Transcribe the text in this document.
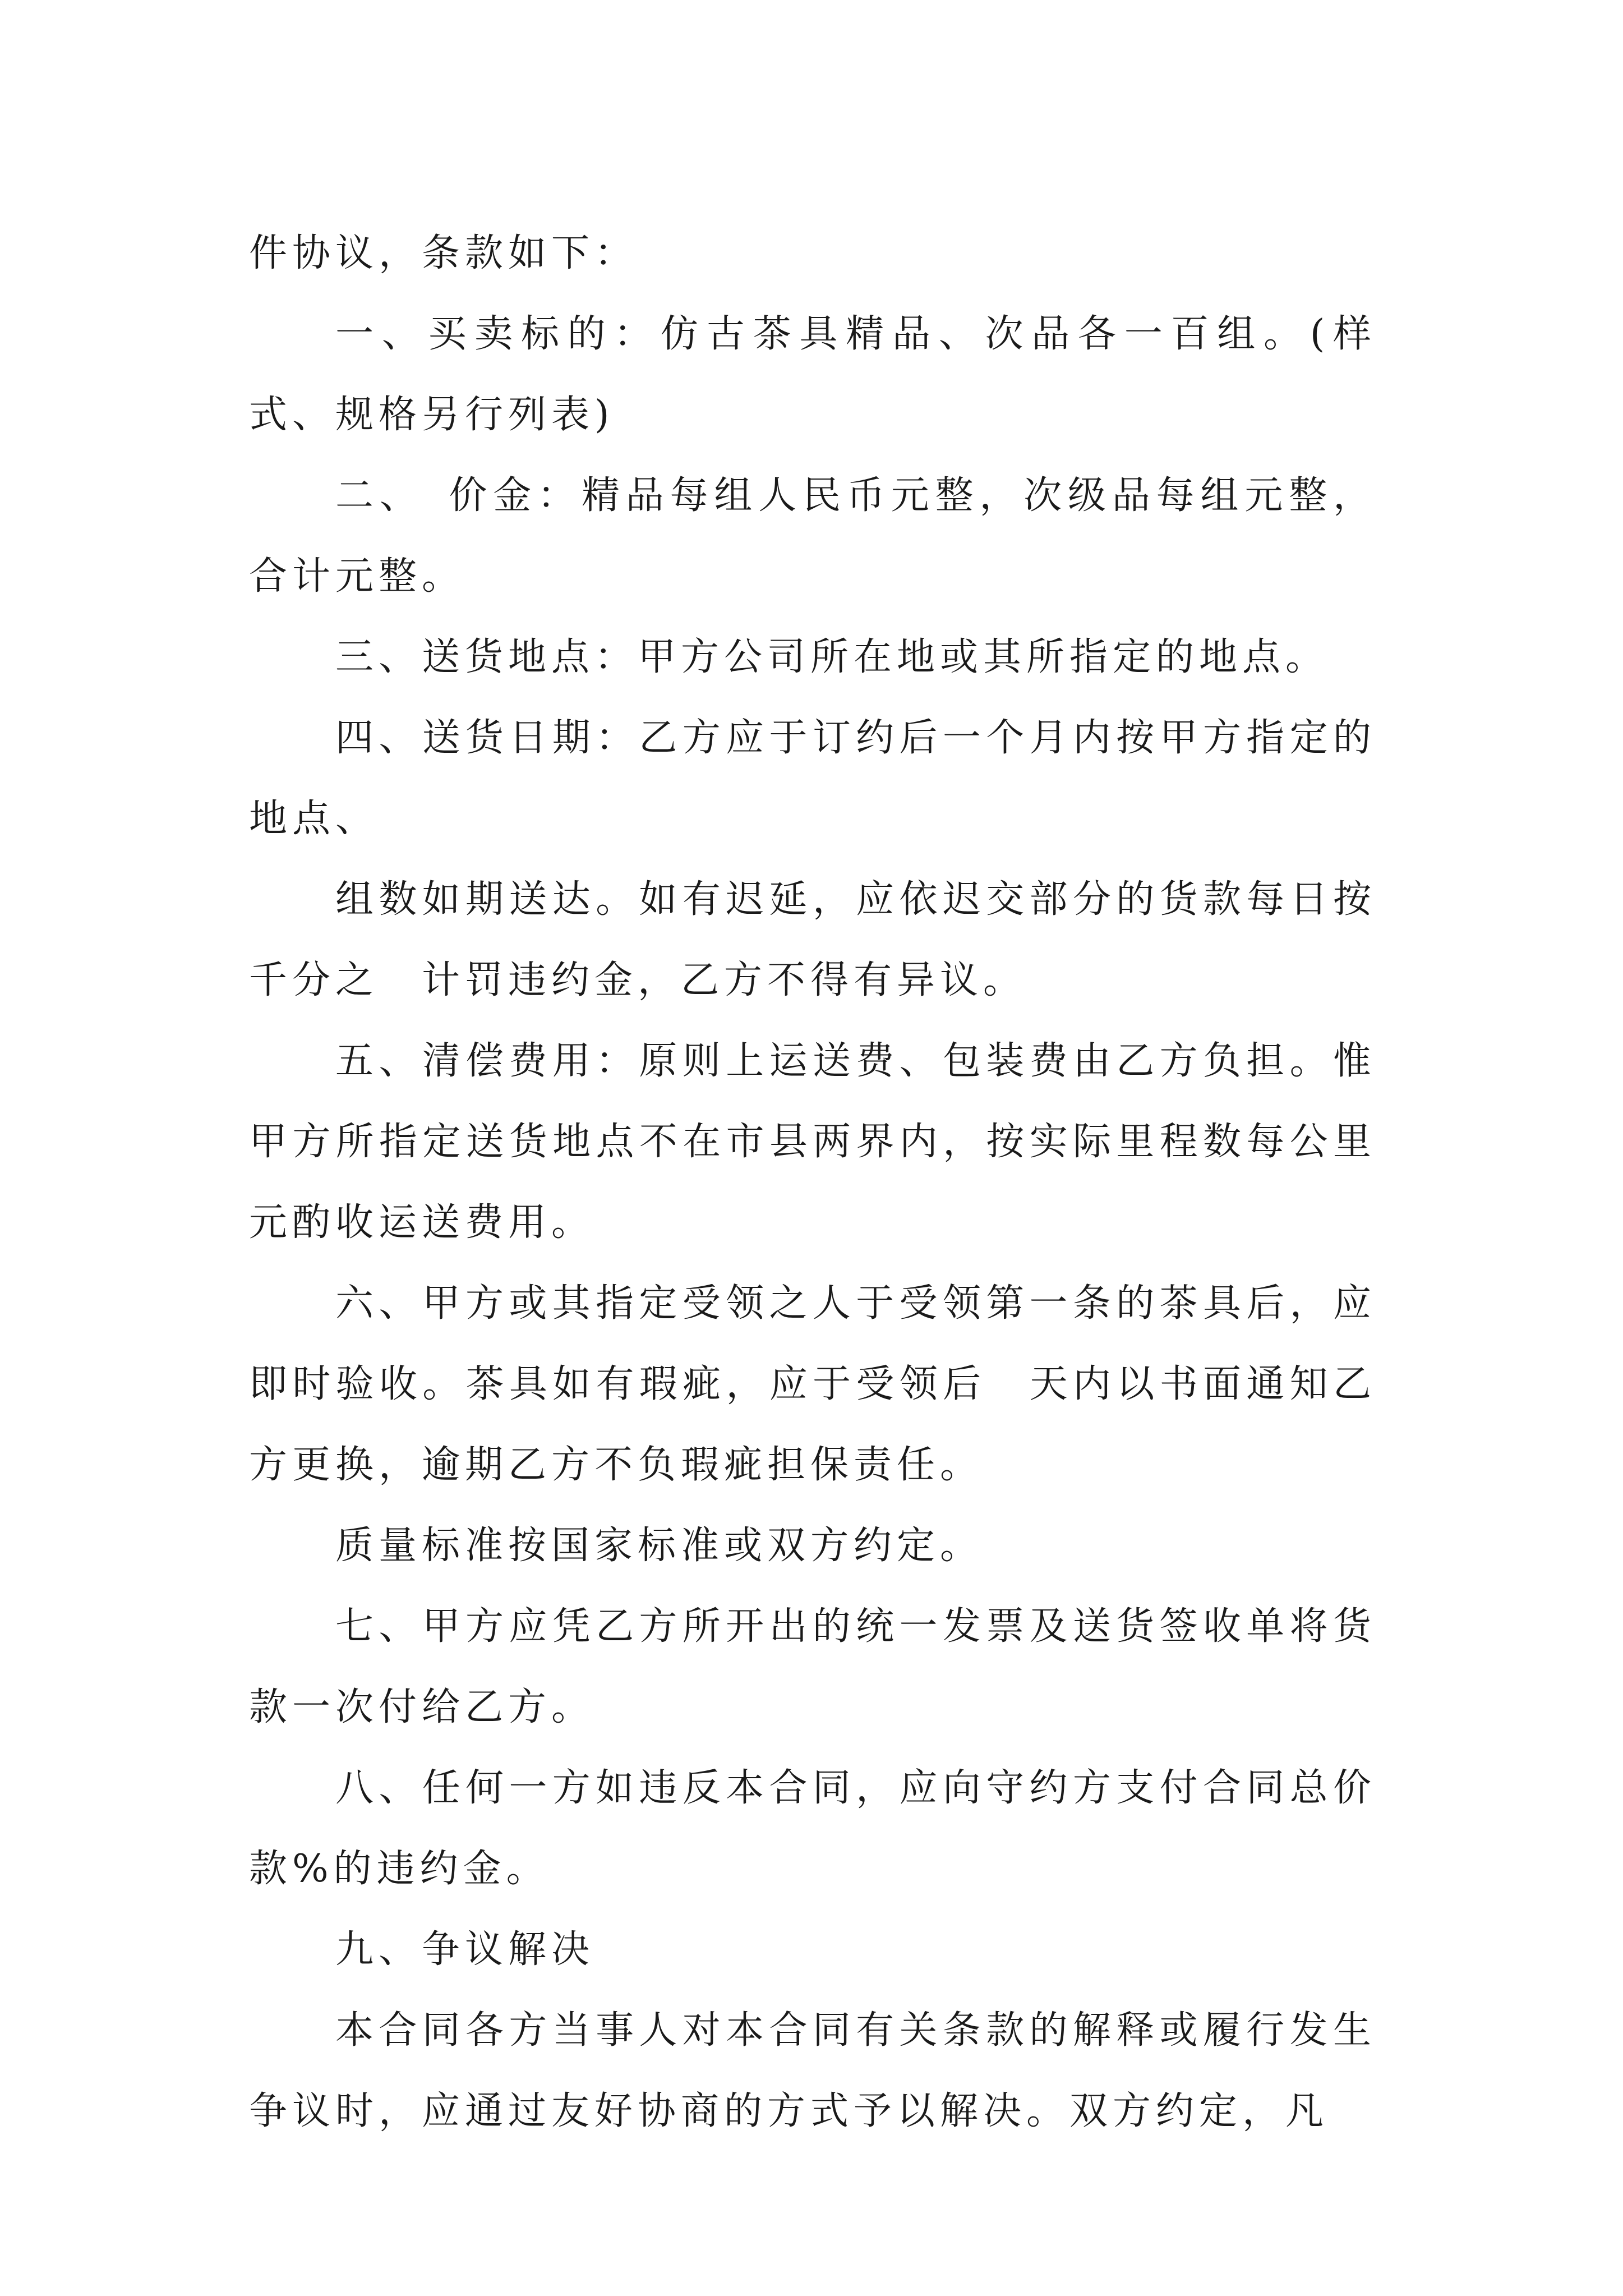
件协议，条款如下：

一、买卖标的：仿古茶具精品、次品各一百组。(样式、规格另行列表)

二、　价金：精品每组人民币元整，次级品每组元整，合计元整。

三、送货地点：甲方公司所在地或其所指定的地点。

四、送货日期：乙方应于订约后一个月内按甲方指定的地点、

组数如期送达。如有迟延，应依迟交部分的货款每日按千分之　计罚违约金，乙方不得有异议。

五、清偿费用：原则上运送费、包装费由乙方负担。惟甲方所指定送货地点不在市县两界内，按实际里程数每公里元酌收运送费用。

六、甲方或其指定受领之人于受领第一条的茶具后，应即时验收。茶具如有瑕疵，应于受领后　天内以书面通知乙方更换，逾期乙方不负瑕疵担保责任。

质量标准按国家标准或双方约定。

七、甲方应凭乙方所开出的统一发票及送货签收单将货款一次付给乙方。

八、任何一方如违反本合同，应向守约方支付合同总价款%的违约金。

九、争议解决

本合同各方当事人对本合同有关条款的解释或履行发生争议时，应通过友好协商的方式予以解决。双方约定，凡
